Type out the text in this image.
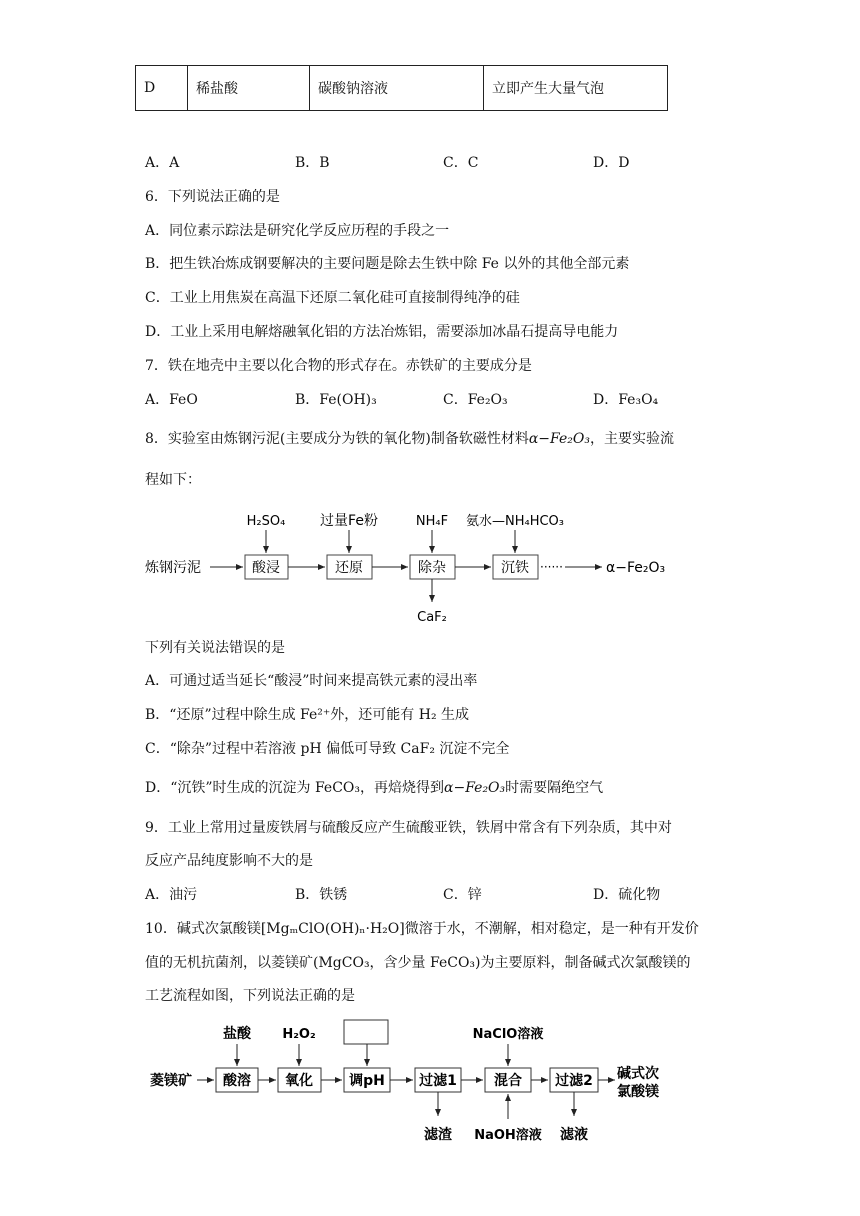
D	稀盐酸	碳酸钠溶液	立即产生大量气泡
A．A	B．B	C．C	D．D
6．下列说法正确的是
A．同位素示踪法是研究化学反应历程的手段之一
B．把生铁冶炼成钢要解决的主要问题是除去生铁中除 Fe 以外的其他全部元素
C．工业上用焦炭在高温下还原二氧化硅可直接制得纯净的硅
D．工业上采用电解熔融氧化铝的方法冶炼铝，需要添加冰晶石提高导电能力
7．铁在地壳中主要以化合物的形式存在。赤铁矿的主要成分是
A．FeO	B．Fe(OH)₃	C．Fe₂O₃	D．Fe₃O₄
8．实验室由炼钢污泥(主要成分为铁的氧化物)制备软磁性材料α−Fe₂O₃，主要实验流
程如下：
炼钢污泥	酸浸	还原	除杂	沉铁 ······	α−Fe₂O₃
H₂SO₄ 过量Fe粉	NH₄F 氨水—NH₄HCO₃
CaF₂
下列有关说法错误的是
A．可通过适当延长“酸浸”时间来提高铁元素的浸出率
B．“还原”过程中除生成 Fe²⁺外，还可能有 H₂ 生成
C．“除杂”过程中若溶液 pH 偏低可导致 CaF₂ 沉淀不完全
D．“沉铁”时生成的沉淀为 FeCO₃，再焙烧得到α−Fe₂O₃时需要隔绝空气
9．工业上常用过量废铁屑与硫酸反应产生硫酸亚铁，铁屑中常含有下列杂质，其中对
反应产品纯度影响不大的是
A．油污	B．铁锈	C．锌	D．硫化物
10．碱式次氯酸镁[MgₘClO(OH)ₙ·H₂O]微溶于水，不潮解，相对稳定，是一种有开发价
值的无机抗菌剂，以菱镁矿(MgCO₃，含少量 FeCO₃)为主要原料，制备碱式次氯酸镁的
工艺流程如图，下列说法正确的是
菱镁矿 酸溶 氧化	调pH 过滤1	混合 过滤2 碱式次
氯酸镁
盐酸 H₂O₂	NaClO溶液
滤渣 NaOH溶液 滤液
